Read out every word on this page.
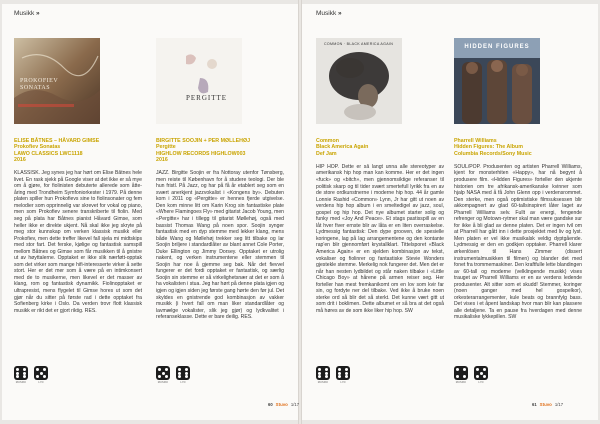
Musikk »	Musikk »
PROKOFIEV SONATAS
ELISE BÅTNES – HÅVARD GIMSE
Prokofiev Sonatas
LAWO CLASSICS LWC1118
2016
KLASSISK. Jeg synes jeg har hørt om Elise Båtnes hele livet. En rask sjekk på Google viser at det ikke er så mye om å gjøre, for fiolinisten debuterte allerede som åtte-åring med Trondheim Symfoniorkester i 1979. På denne platen spiller hun Prokofievs sine to fiolinsonater og fem melodier som opprinnelig var skrevet for vokal og piano, men som Prokofiev senere transkriberte til fiolin. Med seg på plata har Båtnes pianist Håvard Gimse, som heller ikke er direkte ukjent. Nå skal ikke jeg skryte på meg stor kunnskap om verken klassisk musikk eller Prokofiev, men dette treffer likevel fall sjela mi midtskips med stor fart. Det ferske, kjølige og fantastisk samspill mellom Båtnes og Gimse som får musikken til å gnistre ut av høyttalerne. Opptaket er ikke slik nærføtt-opptak som det virker som mange hifi-interesserte virker å sette stort. Her er det mer som å være på en intimkonsert med de to musikerne, men likevel er det masser av klang, rom og fantastisk dynamikk. Fiolinopptaket er ultrapresist, mens flygelet til Gimse hores ut som det gjør når du sitter på første rad i dette opptaket fra Sofienberg kirke i Oslo. Da verden trovr flott klassisk musikk er rikt det er gjort riktig. RES.
PERGITTE
BIRGITTE SOOJIN + PER MØLLEHØJ
Pergitte
HIGHLOW RECORDS HIGHLOW003
2016
JAZZ. Birgitte Soojin er fra Nottoray utenfor Tønsberg, men reiste til København for å studere teologi. Der ble hun fristl. På Jazz, og har på få år etablert seg som en svært anerkjent jazzvokalist i «Kongens by». Debuten kom i 2011 og «Pergitte» er hennes fjerde utgivelse. Den kom minne litt om Karin Krog sin fantastiske plate «Where Flamingoes Fly» med gitarist Jacob Young, men «Pergitte» har i tillegg til gitarist Møllehøj, også med bassist Thomas Wang på noen spor. Soojin synger fantastisk med en dyp stemme med lekker klang, mens både Wang og Møllehøj trekker seg litt tilbake og lar Soojin briljere i standardlåter av blant annet Cole Porter, Duke Ellington og Jimmy Dorsey. Opptaket er utrolig nakent, og verken instrumentene eller stemmen til Soojin har noe å gjemme seg bak. Når det fievvel fungerer er det fordi opptaket er fantastisk, og særlig Soojin sin stemme er så virkelighetsnær at det er som å ha vokalisten i stua. Jeg har hørt på denne plata igjen og igjen og igjen siden jeg første gang hørte den før jul. Det skyldes en gnistrende god kombinasjon av vakker musikk (i hvert fall om man liker standardlåter og lavmælge vokalister, slik jeg gjør) og lydkvalitet i referanseklasse. Dette er bare deilig. RES.
COMMON · BLACK AMERICA AGAIN
Common
Black America Again
Def Jam
HIP HOP. Dette er så langt unna alle stereotyper av amerikansk hip hop man kan komme. Her er det ingen «fuck» og «bitch», men gjennomsiktige referanser til politisk skarp og til tider svært smertefull lyrikk fra en av de store ordkunstnerne i moderne hip hop. 44 år gamle Lonnie Rashid «Common» Lynn, Jr har gitt ut noen av verdens hip hop album i en smeltedigel av jazz, soul, gospel og hip hop. Det nye albumet starter solig og funky med «Joy And Peace». Et stags pastisspill av en låt hver fiver ernste blir av låta er en liten overraskelse. Lydmessig fantastisk: Den dype grooven, de spesielle koringene, lag på lag arrangementene og den kontante rap'en blir gjennomført krystallklart. Tittelsporet «Black America Again» er en sjelden kombinasjon av tekst, vokaliser og fiolinrer og fantastiske Stevie Wonders gjestekle stemme. Merkelig nok fungerer det. Men det er når han nesten lydbildet og står naken tilbake i «Little Chicago Boy» at hårene på armen reiser seg. Her forteller han mest fremkanikomt om en lov som kvir far sin, og fordyte ner del tilbake. Ved ikke å bruke noen sterke ord så blir det så sterkt. Det kunne vært gitt ut som drit i boklimen. Dette albumet er så bra at det også må høres av de som ikke liker hip hop. SW
HIDDEN FIGURES
Pharrell Williams
Hidden Figures: The Album
Columbia Records/Sony Music
SOUL/POP. Produsenten og artisten Pharrell Williams, kjent for monsterhiten «Happy», har nå begynt å produsere film. «Hidden Figures» forteller den ukjente historien om tre afrikansk-amerikanske kvinner som hjalp NASA med å få John Glenn opp i verdensrommet. Den sterke, men også optimistiske filmsuksessen blir akkompagnert av glad 60-tallsinspirert låter laget av Pharrell Williams selv. Fullt av energi, fengende refrenger og Motown-rytmer skal man være gandske sur for ikke å bli glad av denne platen. Det er ingen tvil om at Pharrell har gått inn i dette prosjektet med liv og lyst. Men platen er vel ikke musikalsk veldig dyptgående. Lydmessig er den en godkjen opptaker. Pharrell klarer ørkenlösen til Hans Zimmer (dissert instrumentalmusikken til filmen) og blander det med fonet fra trommemaskiner. Den kraftfulle lette blandingen av 60-tall og moderne (velklingende musikk) vises trauget av Pharrell Williams er en av verdens ledende produsenter. Alt sitter som et skudd! Stemmer, koringer (noen ganger med hel gospelkor), orkesterarrangementer, kule beats og brannfylg bass. Det vises i et åpent landskap hvor man blir kan plassere alle detaljene. Ta en pause fra hverdagen med denne musikaliske lykkepillen. SW
MUSIKK	LYD	MUSIKK	LYD	MUSIKK	LYD	MUSIKK	LYD
60 Stuvo 1/17	61 Stuvo 1/17
